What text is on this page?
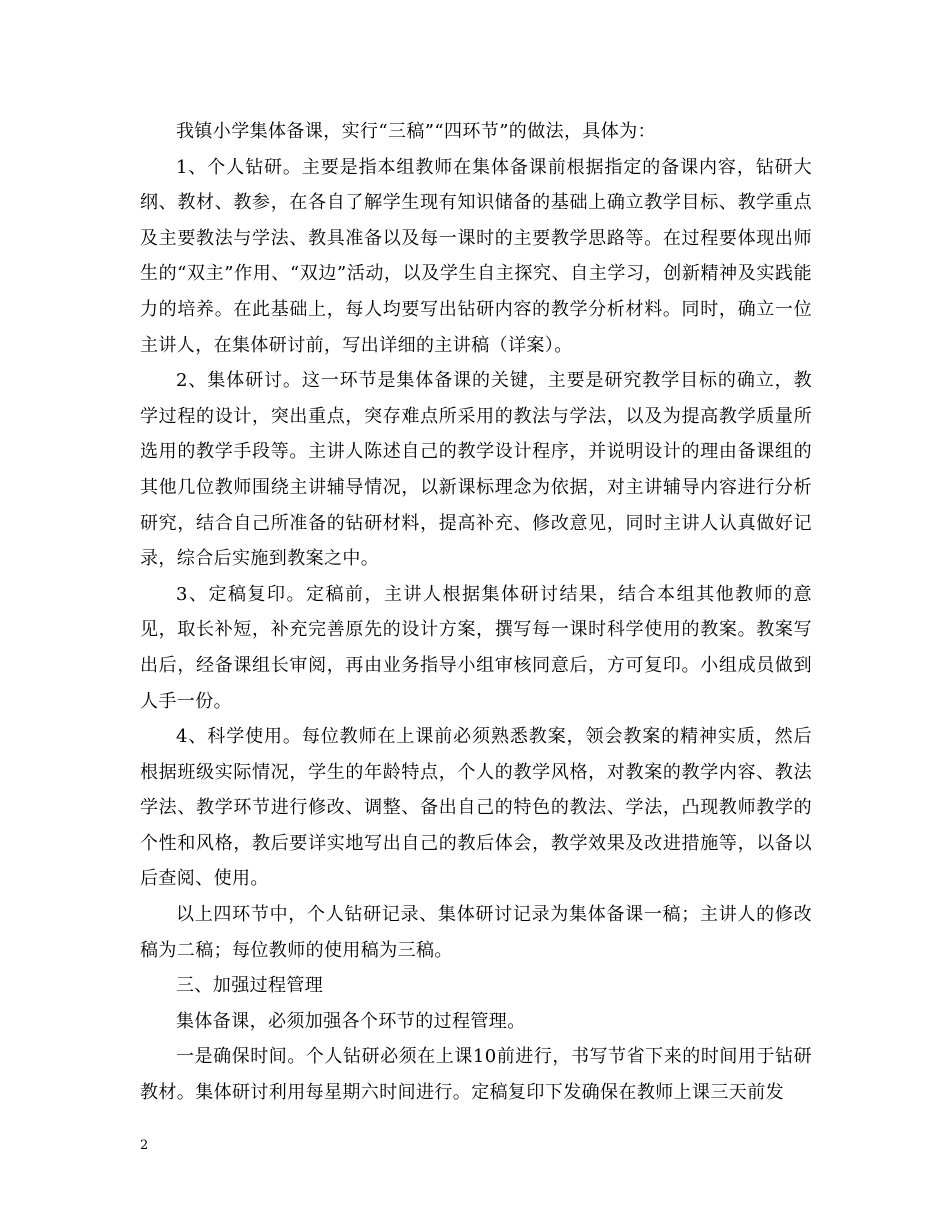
我镇小学集体备课，实行“三稿”“四环节”的做法，具体为：

1、个人钻研。主要是指本组教师在集体备课前根据指定的备课内容，钻研大纲、教材、教参，在各自了解学生现有知识储备的基础上确立教学目标、教学重点及主要教法与学法、教具准备以及每一课时的主要教学思路等。在过程要体现出师生的“双主”作用、“双边”活动，以及学生自主探究、自主学习，创新精神及实践能力的培养。在此基础上，每人均要写出钻研内容的教学分析材料。同时，确立一位主讲人，在集体研讨前，写出详细的主讲稿（详案）。

2、集体研讨。这一环节是集体备课的关键，主要是研究教学目标的确立，教学过程的设计，突出重点，突存难点所采用的教法与学法，以及为提高教学质量所选用的教学手段等。主讲人陈述自己的教学设计程序，并说明设计的理由备课组的其他几位教师围绕主讲辅导情况，以新课标理念为依据，对主讲辅导内容进行分析研究，结合自己所准备的钻研材料，提高补充、修改意见，同时主讲人认真做好记录，综合后实施到教案之中。

3、定稿复印。定稿前，主讲人根据集体研讨结果，结合本组其他教师的意见，取长补短，补充完善原先的设计方案，撰写每一课时科学使用的教案。教案写出后，经备课组长审阅，再由业务指导小组审核同意后，方可复印。小组成员做到人手一份。

4、科学使用。每位教师在上课前必须熟悉教案，领会教案的精神实质，然后根据班级实际情况，学生的年龄特点，个人的教学风格，对教案的教学内容、教法学法、教学环节进行修改、调整、备出自己的特色的教法、学法，凸现教师教学的个性和风格，教后要详实地写出自己的教后体会，教学效果及改进措施等，以备以后查阅、使用。

以上四环节中，个人钻研记录、集体研讨记录为集体备课一稿；主讲人的修改稿为二稿；每位教师的使用稿为三稿。

三、加强过程管理

集体备课，必须加强各个环节的过程管理。

一是确保时间。个人钻研必须在上课10前进行，书写节省下来的时间用于钻研教材。集体研讨利用每星期六时间进行。定稿复印下发确保在教师上课三天前发

2
